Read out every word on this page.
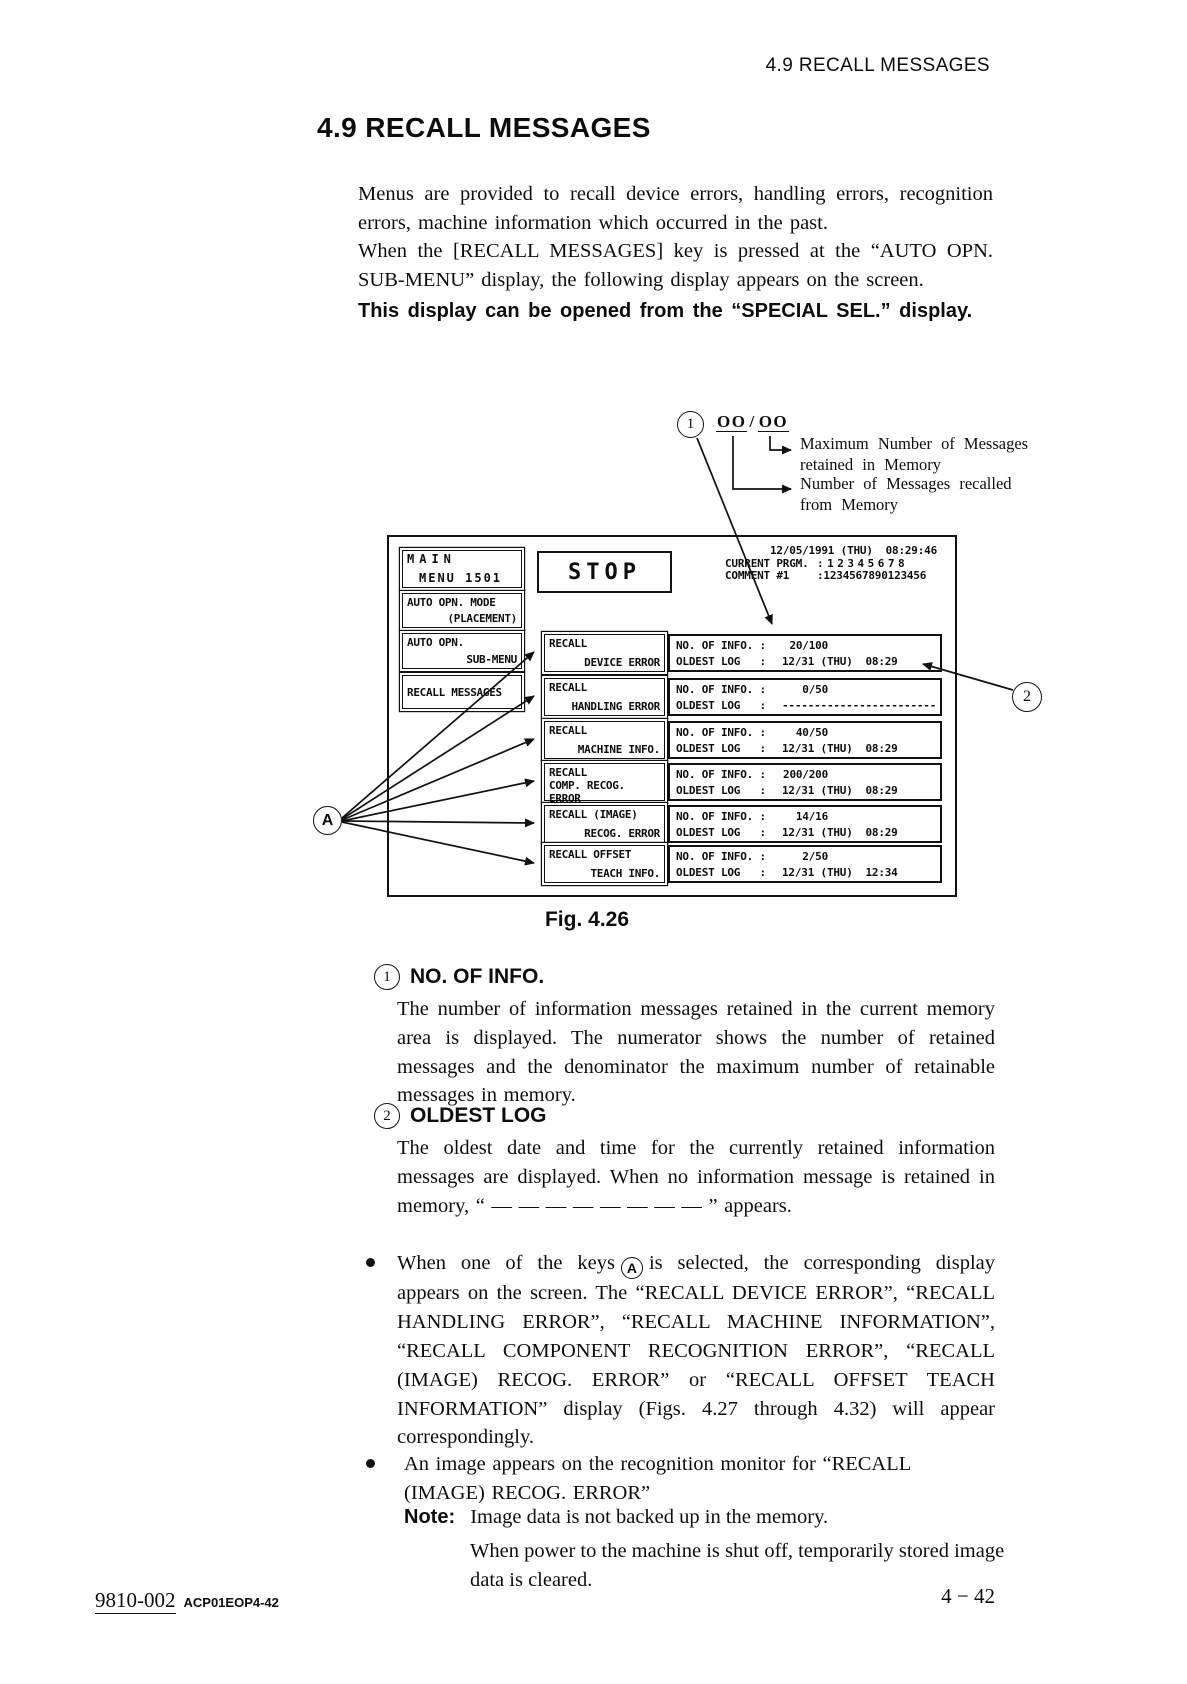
4.9 RECALL MESSAGES
4.9 RECALL MESSAGES

Menus are provided to recall device errors, handling errors, recognition errors, machine information which occurred in the past.

When the [RECALL MESSAGES] key is pressed at the “AUTO OPN. SUB-MENU” display, the following display appears on the screen.

This display can be opened from the “SPECIAL SEL.” display.

1 OO / OO
Maximum Number of Messages
retained in Memory
Number of Messages recalled
from Memory
MAIN
MENU 1501
AUTO OPN. MODE
(PLACEMENT)
AUTO OPN.
SUB-MENU
RECALL MESSAGES
STOP
12/05/1991 (THU)  08:29:46
CURRENT PRGM. :12345678
COMMENT #1	:1234567890123456
RECALL
DEVICE ERROR
NO. OF INFO. : 20/100
OLDEST LOG   : 12/31 (THU)  08:29
RECALL
HANDLING ERROR
NO. OF INFO. :	0/50
OLDEST LOG   : ------------------------
RECALL
MACHINE INFO.
NO. OF INFO. :	40/50
OLDEST LOG   : 12/31 (THU)  08:29
RECALL
COMP. RECOG. ERROR
NO. OF INFO. : 200/200
OLDEST LOG   : 12/31 (THU)  08:29
RECALL (IMAGE)
RECOG. ERROR
NO. OF INFO. :	14/16
OLDEST LOG   : 12/31 (THU)  08:29
RECALL OFFSET
TEACH INFO.
NO. OF INFO. :	2/50
OLDEST LOG   : 12/31 (THU)  12:34
A
2
Fig. 4.26
1 NO. OF INFO.
The number of information messages retained in the current memory area is displayed. The numerator shows the number of retained messages and the denominator the maximum number of retainable messages in memory.
2 OLDEST LOG
The oldest date and time for the currently retained information messages are displayed. When no information message is retained in memory, “ — — — — — — — — ” appears.
When one of the keys A is selected, the corresponding display appears on the screen. The “RECALL DEVICE ERROR”, “RECALL HANDLING ERROR”, “RECALL MACHINE INFORMATION”, “RECALL COMPONENT RECOGNITION ERROR”, “RECALL (IMAGE) RECOG. ERROR” or “RECALL OFFSET TEACH INFORMATION” display (Figs. 4.27 through 4.32) will appear correspondingly.
An image appears on the recognition monitor for “RECALL (IMAGE) RECOG. ERROR”
Note: Image data is not backed up in the memory.
When power to the machine is shut off, temporarily stored image data is cleared.
9810-002 ACP01EOP4-42	4 − 42
